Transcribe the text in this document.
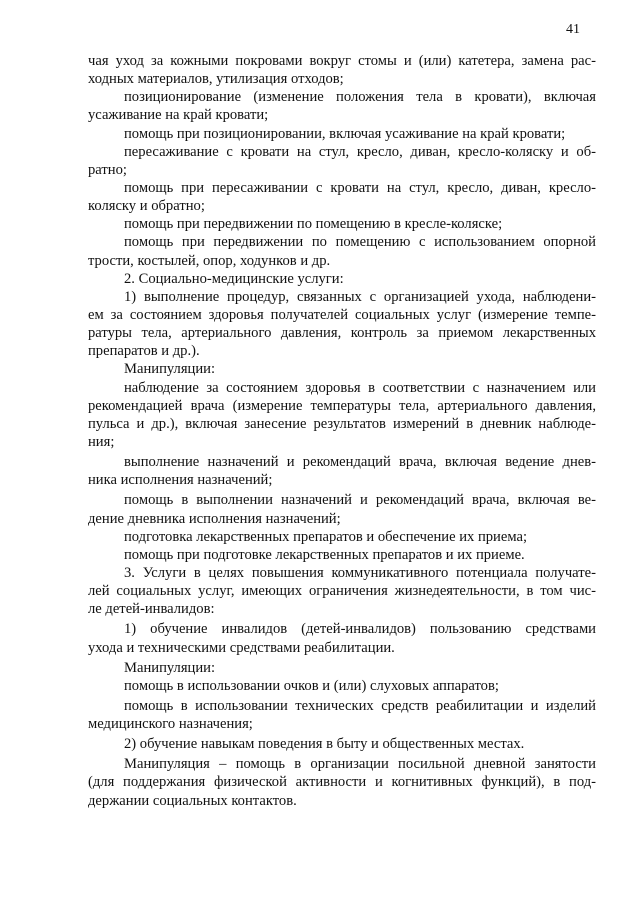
41
чая уход за кожными покровами вокруг стомы и (или) катетера, замена рас-
ходных материалов, утилизация отходов;
позиционирование (изменение положения тела в кровати), включая
усаживание на край кровати;
помощь при позиционировании, включая усаживание на край кровати;
пересаживание с кровати на стул, кресло, диван, кресло-коляску и об-
ратно;
помощь при пересаживании с кровати на стул, кресло, диван, кресло-
коляску и обратно;
помощь при передвижении по помещению в кресле-коляске;
помощь при передвижении по помещению с использованием опорной
трости, костылей, опор, ходунков и др.
2. Социально-медицинские услуги:
1) выполнение процедур, связанных с организацией ухода, наблюдени-
ем за состоянием здоровья получателей социальных услуг (измерение темпе-
ратуры тела, артериального давления, контроль за приемом лекарственных
препаратов и др.).
Манипуляции:
наблюдение за состоянием здоровья в соответствии с назначением или
рекомендацией врача (измерение температуры тела, артериального давления,
пульса и др.), включая занесение результатов измерений в дневник наблюде-
ния;
выполнение назначений и рекомендаций врача, включая ведение днев-
ника исполнения назначений;
помощь в выполнении назначений и рекомендаций врача, включая ве-
дение дневника исполнения назначений;
подготовка лекарственных препаратов и обеспечение их приема;
помощь при подготовке лекарственных препаратов и их приеме.
3. Услуги в целях повышения коммуникативного потенциала получате-
лей социальных услуг, имеющих ограничения жизнедеятельности, в том чис-
ле детей-инвалидов:
1) обучение инвалидов (детей-инвалидов) пользованию средствами
ухода и техническими средствами реабилитации.
Манипуляции:
помощь в использовании очков и (или) слуховых аппаратов;
помощь в использовании технических средств реабилитации и изделий
медицинского назначения;
2) обучение навыкам поведения в быту и общественных местах.
Манипуляция – помощь в организации посильной дневной занятости
(для поддержания физической активности и когнитивных функций), в под-
держании социальных контактов.
